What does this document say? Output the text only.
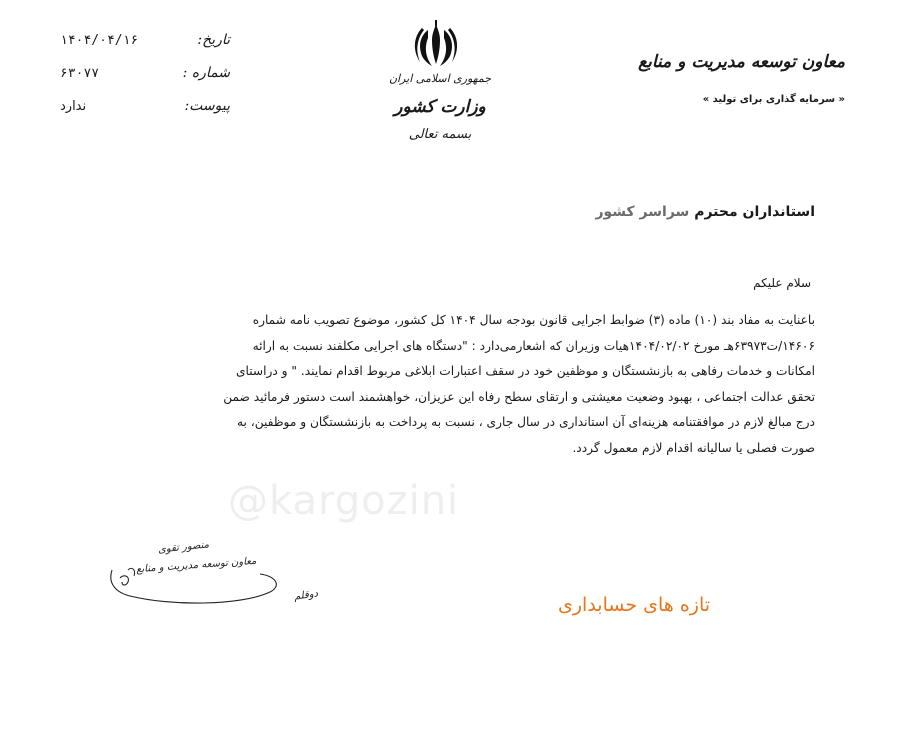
۱۴۰۴/۰۴/۱۶	تاریخ:
۶۳۰۷۷	شماره :
ندارد	پیوست:
جمهوری اسلامی ایران
وزارت کشور
بسمه تعالی
معاون توسعه مدیریت و منابع
« سرمایه گذاری برای تولید »
استانداران محترم سراسر کشور
سلام علیکم
باعنایت به مفاد بند (۱۰) ماده (۳) ضوابط اجرایی قانون بودجه سال ۱۴۰۴ کل کشور، موضوع تصویب نامه شماره
۱۴۶۰۶/ت۶۳۹۷۳هـ مورخ ۱۴۰۴/۰۲/۰۲هیات وزیران که اشعارمی‌دارد : "دستگاه های اجرایی مکلفند نسبت به ارائه
امکانات و خدمات رفاهی به بازنشستگان و موظفین خود در سقف اعتبارات ابلاغی مربوط اقدام نمایند. " و دراستای
تحقق عدالت اجتماعی ، بهبود وضعیت معیشتی و ارتقای سطح رفاه این عزیزان، خواهشمند است دستور فرمائید ضمن
درج مبالغ لازم در موافقتنامه هزینه‌ای آن استانداری در سال جاری ، نسبت به پرداخت به بازنشستگان و موظفین، به
صورت فصلی یا سالیانه اقدام لازم معمول گردد.
@kargozini
منصور تقوی
معاون توسعه مدیریت و منابع
دوقلم	تازه های حسابداری
